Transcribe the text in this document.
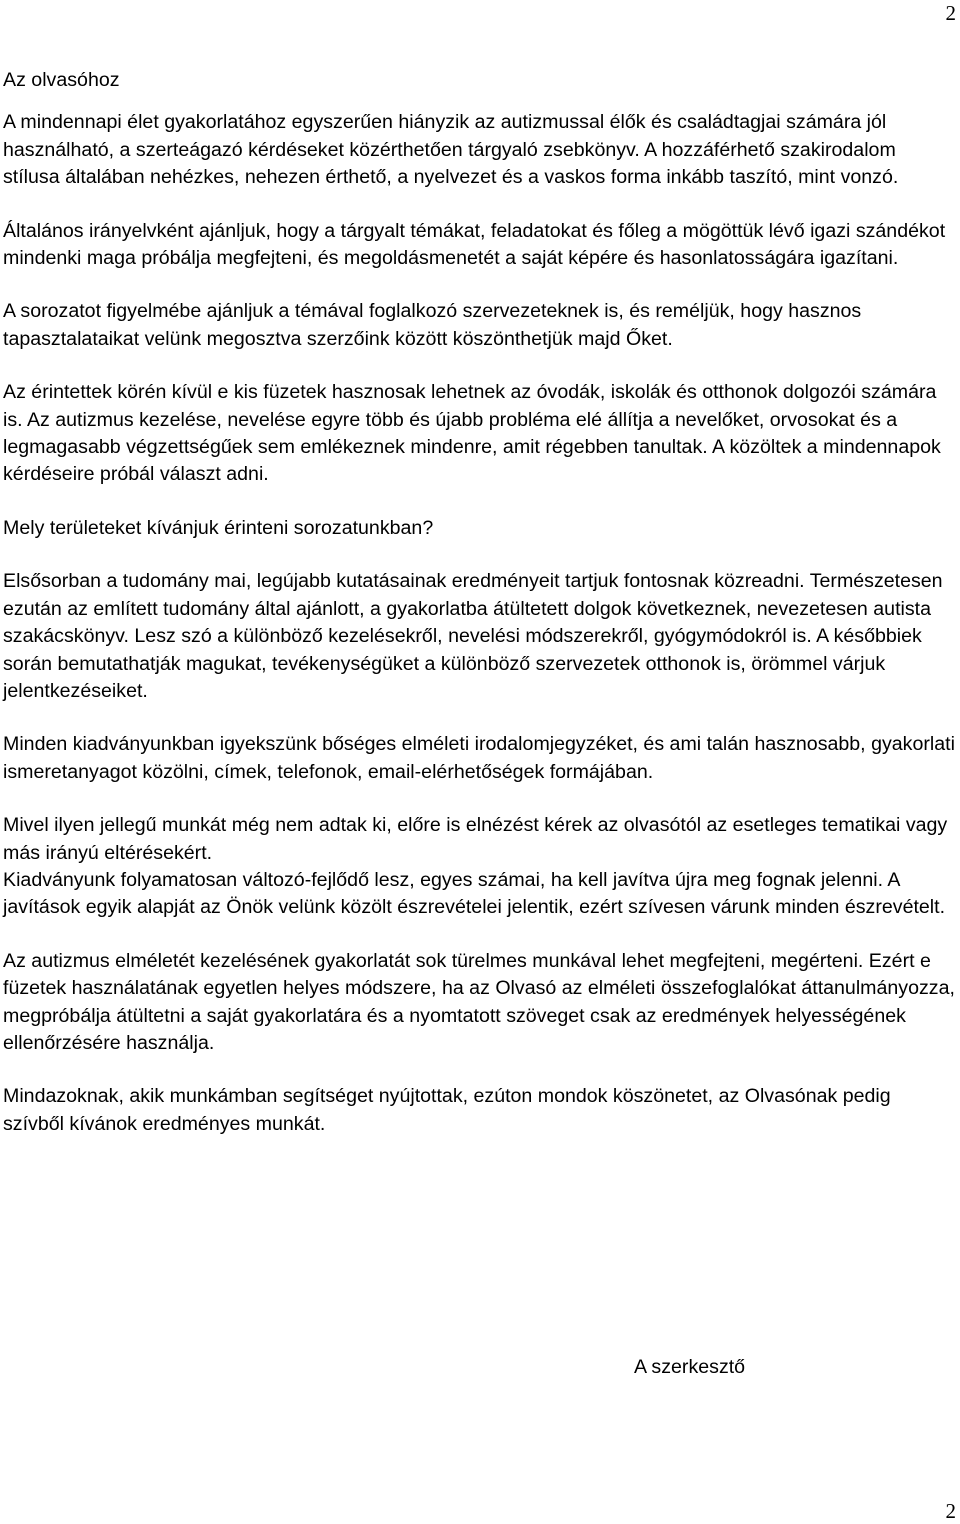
2
Az olvasóhoz

A mindennapi élet gyakorlatához egyszerűen hiányzik az autizmussal élők és családtagjai számára jól használható, a szerteágazó kérdéseket közérthetően tárgyaló zsebkönyv. A hozzáférhető szakirodalom stílusa általában nehézkes, nehezen érthető, a nyelvezet és a vaskos forma inkább taszító, mint vonzó.

Általános irányelvként ajánljuk, hogy a tárgyalt témákat, feladatokat és főleg a mögöttük lévő igazi szándékot mindenki maga próbálja megfejteni, és megoldásmenetét a saját képére és hasonlatosságára igazítani.

A sorozatot figyelmébe ajánljuk a témával foglalkozó szervezeteknek is, és reméljük, hogy hasznos tapasztalataikat velünk megosztva szerzőink között köszönthetjük majd Őket.

Az érintettek körén kívül e kis füzetek hasznosak lehetnek az óvodák, iskolák és otthonok dolgozói számára is. Az autizmus kezelése, nevelése egyre több és újabb probléma elé állítja a nevelőket, orvosokat és a legmagasabb végzettségűek sem emlékeznek mindenre, amit régebben tanultak. A közöltek a mindennapok kérdéseire próbál választ adni.

Mely területeket kívánjuk érinteni sorozatunkban?

Elsősorban a tudomány mai, legújabb kutatásainak eredményeit tartjuk fontosnak közreadni. Természetesen ezután az említett tudomány által ajánlott, a gyakorlatba átültetett dolgok következnek, nevezetesen autista szakácskönyv. Lesz szó a különböző kezelésekről, nevelési módszerekről, gyógymódokról is. A későbbiek során bemutathatják magukat, tevékenységüket a különböző szervezetek otthonok is, örömmel várjuk jelentkezéseiket.

Minden kiadványunkban igyekszünk bőséges elméleti irodalomjegyzéket, és ami talán hasznosabb, gyakorlati ismeretanyagot közölni, címek, telefonok, email-elérhetőségek formájában.

Mivel ilyen jellegű munkát még nem adtak ki, előre is elnézést kérek az olvasótól az esetleges tematikai vagy más irányú eltérésekért.

Kiadványunk folyamatosan változó-fejlődő lesz, egyes számai, ha kell javítva újra meg fognak jelenni. A javítások egyik alapját az Önök velünk közölt észrevételei jelentik, ezért szívesen várunk minden észrevételt.

Az autizmus elméletét kezelésének gyakorlatát sok türelmes munkával lehet megfejteni, megérteni. Ezért e füzetek használatának egyetlen helyes módszere, ha az Olvasó az elméleti összefoglalókat áttanulmányozza, megpróbálja átültetni a saját gyakorlatára és a nyomtatott szöveget csak az eredmények helyességének ellenőrzésére használja.

Mindazoknak, akik munkámban segítséget nyújtottak, ezúton mondok köszönetet, az Olvasónak pedig szívből kívánok eredményes munkát.

A szerkesztő
2
